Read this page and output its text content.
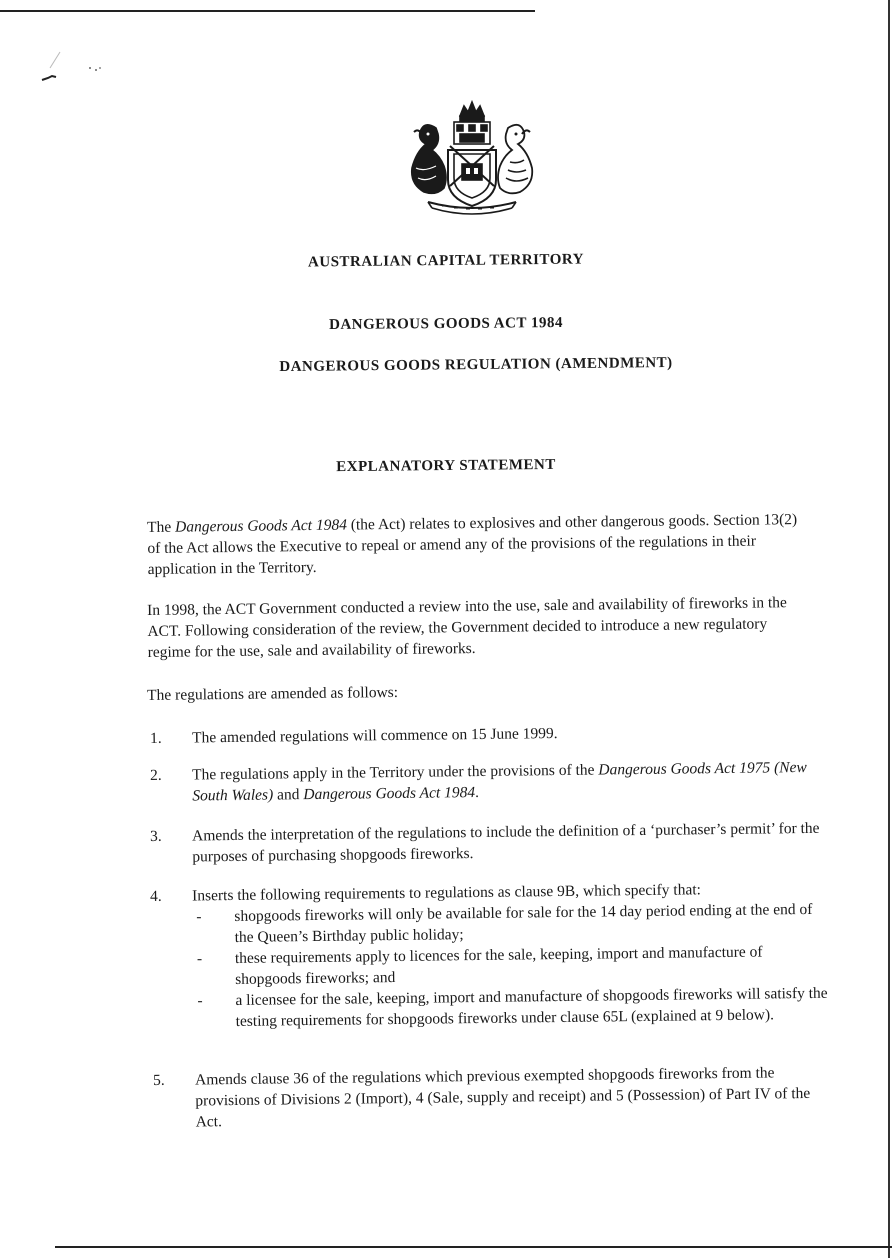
AUSTRALIAN CAPITAL TERRITORY
DANGEROUS GOODS ACT 1984
DANGEROUS GOODS REGULATION (AMENDMENT)
EXPLANATORY STATEMENT
The Dangerous Goods Act 1984 (the Act) relates to explosives and other dangerous goods. Section 13(2) of the Act allows the Executive to repeal or amend any of the provisions of the regulations in their application in the Territory.
In 1998, the ACT Government conducted a review into the use, sale and availability of fireworks in the ACT. Following consideration of the review, the Government decided to introduce a new regulatory regime for the use, sale and availability of fireworks.
The regulations are amended as follows:
1.	The amended regulations will commence on 15 June 1999.
2.	The regulations apply in the Territory under the provisions of the Dangerous Goods Act 1975 (New South Wales) and Dangerous Goods Act 1984.
3.	Amends the interpretation of the regulations to include the definition of a ‘purchaser’s permit’ for the purposes of purchasing shopgoods fireworks.
4.	Inserts the following requirements to regulations as clause 9B, which specify that:
- shopgoods fireworks will only be available for sale for the 14 day period ending at the end of the Queen’s Birthday public holiday;
- these requirements apply to licences for the sale, keeping, import and manufacture of shopgoods fireworks; and
- a licensee for the sale, keeping, import and manufacture of shopgoods fireworks will satisfy the testing requirements for shopgoods fireworks under clause 65L (explained at 9 below).
5.	Amends clause 36 of the regulations which previous exempted shopgoods fireworks from the provisions of Divisions 2 (Import), 4 (Sale, supply and receipt) and 5 (Possession) of Part IV of the Act.
